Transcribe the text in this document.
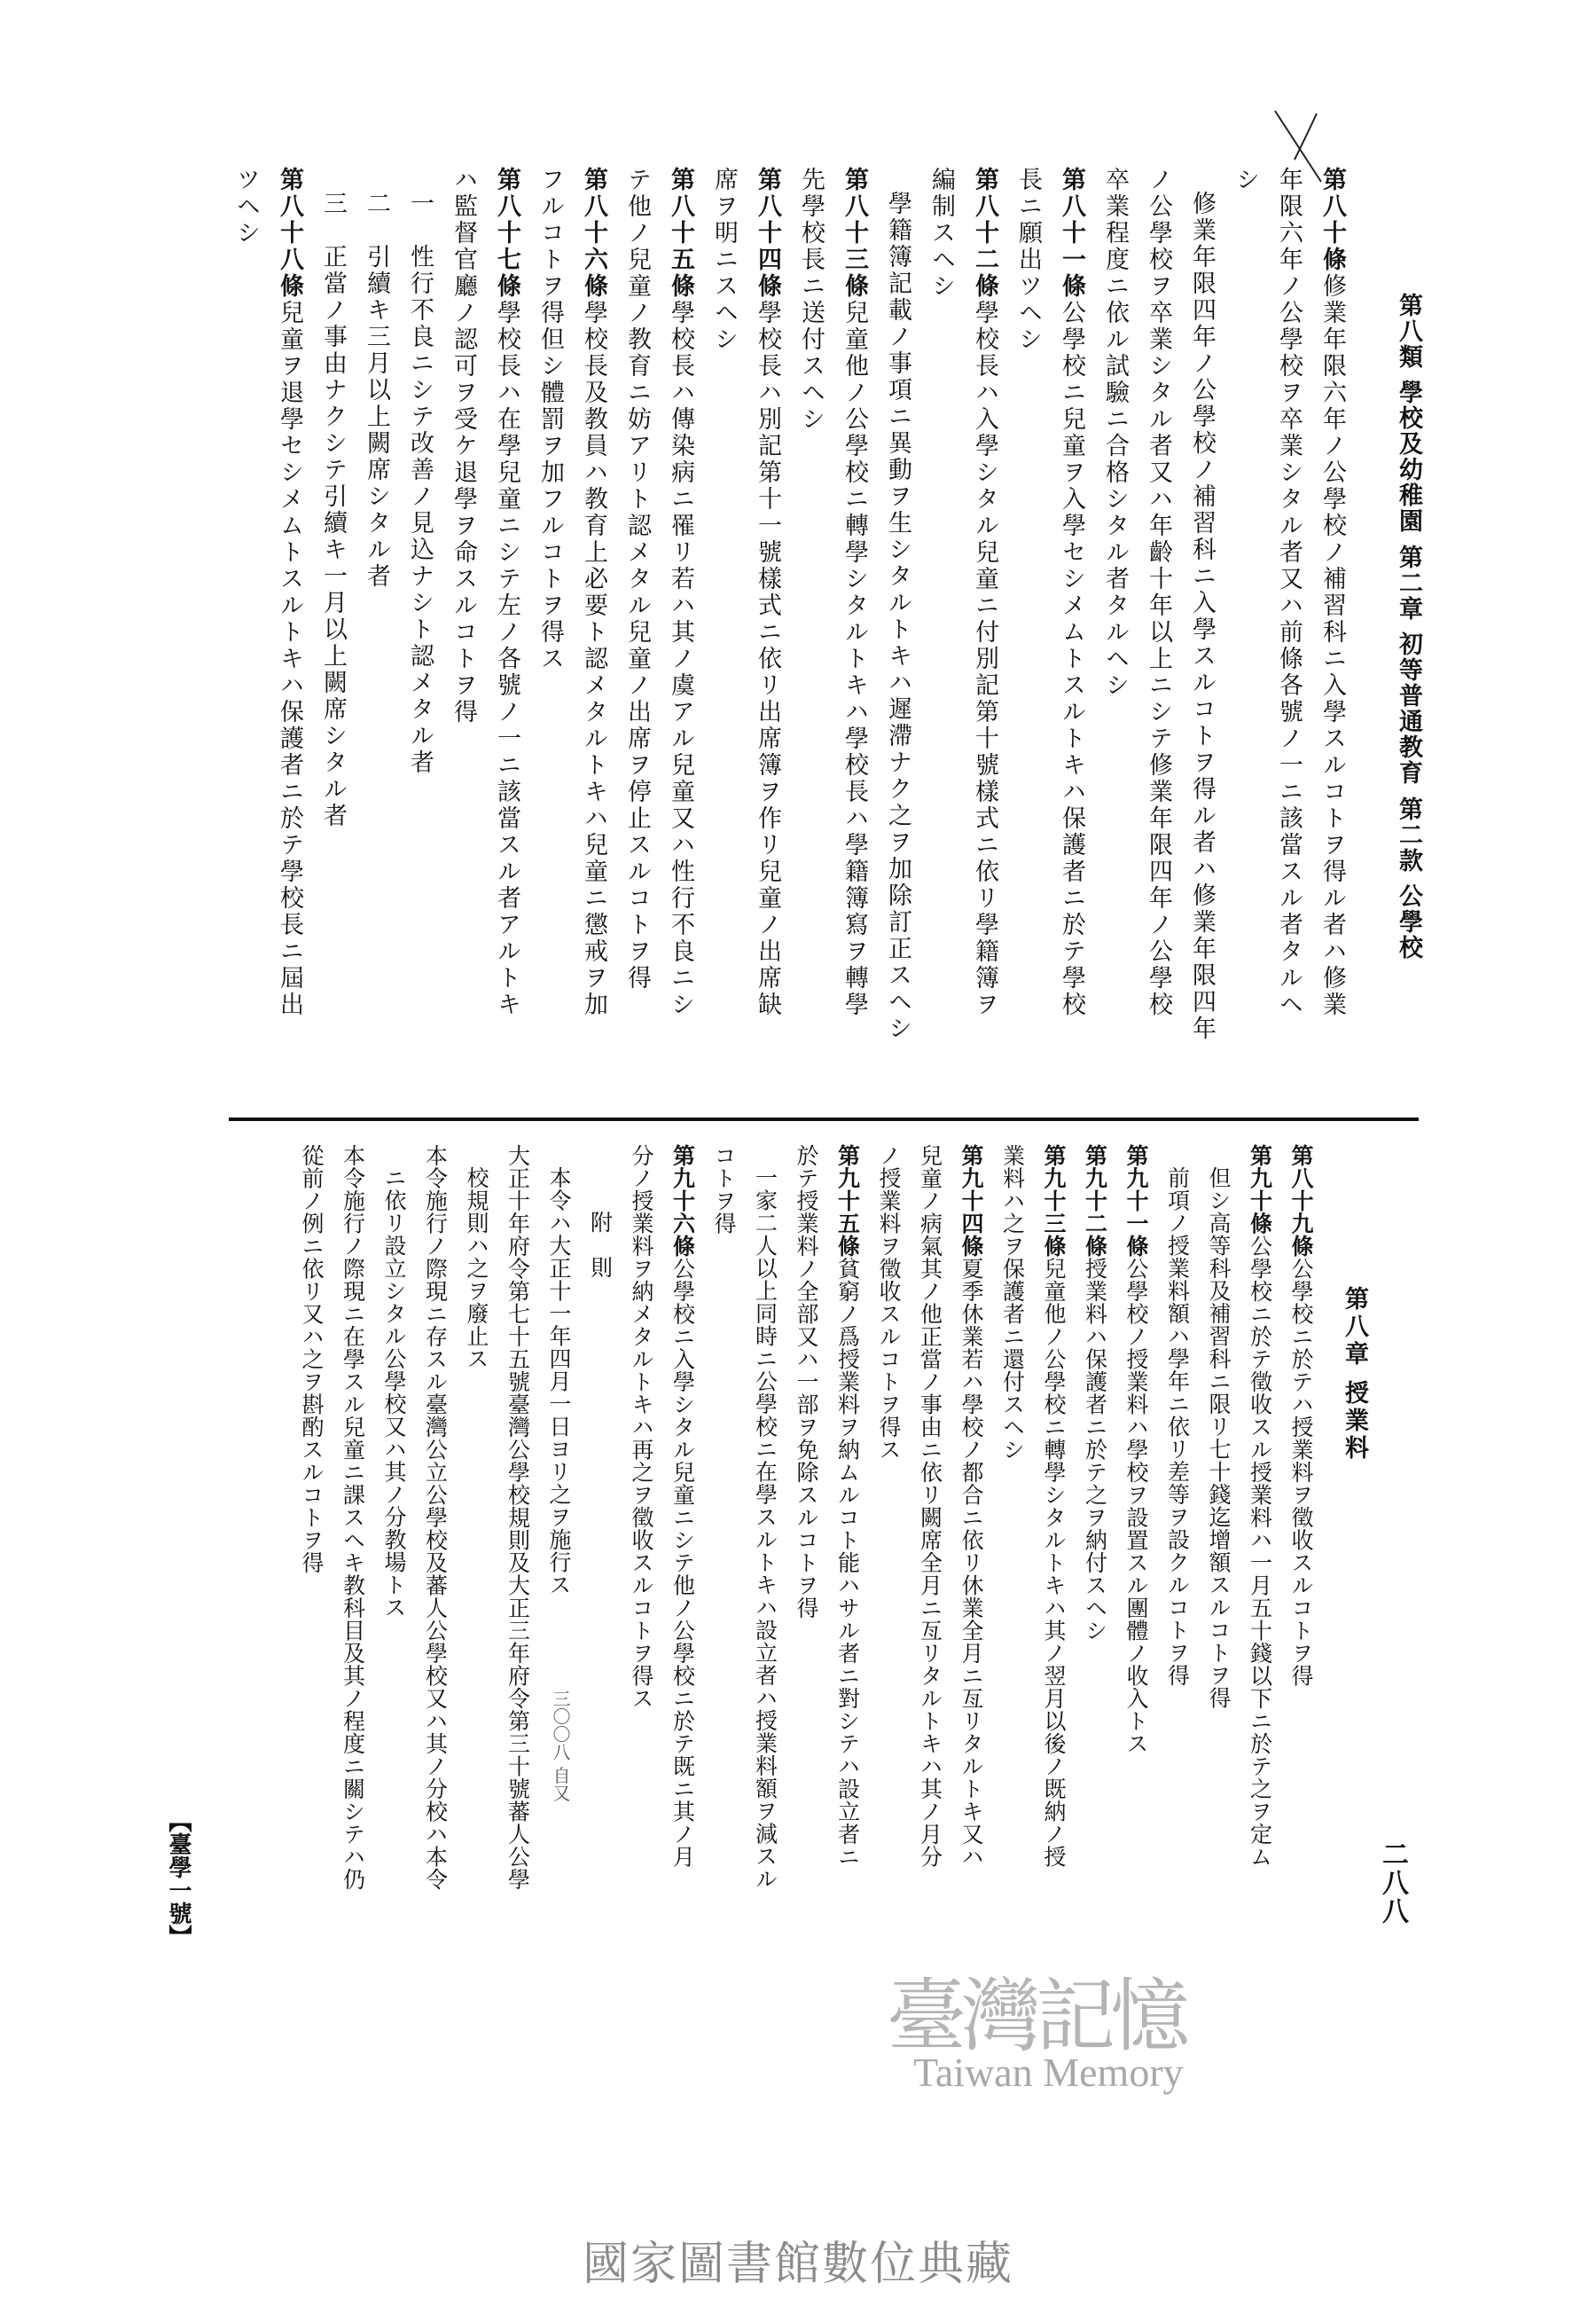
第八類 學校及幼稚園 第二章 初等普通教育 第二款 公學校

第八十條修業年限六年ノ公學校ノ補習科ニ入學スルコトヲ得ル者ハ修業

年限六年ノ公學校ヲ卒業シタル者又ハ前條各號ノ一ニ該當スル者タルヘ

シ

修業年限四年ノ公學校ノ補習科ニ入學スルコトヲ得ル者ハ修業年限四年

ノ公學校ヲ卒業シタル者又ハ年齡十年以上ニシテ修業年限四年ノ公學校

卒業程度ニ依ル試驗ニ合格シタル者タルヘシ

第八十一條公學校ニ兒童ヲ入學セシメムトスルトキハ保護者ニ於テ學校

長ニ願出ツヘシ

第八十二條學校長ハ入學シタル兒童ニ付別記第十號樣式ニ依リ學籍簿ヲ

編制スヘシ

學籍簿記載ノ事項ニ異動ヲ生シタルトキハ遲滯ナク之ヲ加除訂正スヘシ

第八十三條兒童他ノ公學校ニ轉學シタルトキハ學校長ハ學籍簿寫ヲ轉學

先學校長ニ送付スヘシ

第八十四條學校長ハ別記第十一號樣式ニ依リ出席簿ヲ作リ兒童ノ出席缺

席ヲ明ニスヘシ

第八十五條學校長ハ傳染病ニ罹リ若ハ其ノ虞アル兒童又ハ性行不良ニシ

テ他ノ兒童ノ教育ニ妨アリト認メタル兒童ノ出席ヲ停止スルコトヲ得

第八十六條學校長及教員ハ教育上必要ト認メタルトキハ兒童ニ懲戒ヲ加

フルコトヲ得但シ體罰ヲ加フルコトヲ得ス

第八十七條學校長ハ在學兒童ニシテ左ノ各號ノ一ニ該當スル者アルトキ

ハ監督官廳ノ認可ヲ受ケ退學ヲ命スルコトヲ得

一　性行不良ニシテ改善ノ見込ナシト認メタル者

二　引續キ三月以上闕席シタル者

三　正當ノ事由ナクシテ引續キ一月以上闕席シタル者

第八十八條兒童ヲ退學セシメムトスルトキハ保護者ニ於テ學校長ニ屆出

ツヘシ

第八章 授業料

第八十九條公學校ニ於テハ授業料ヲ徵收スルコトヲ得

第九十條公學校ニ於テ徵收スル授業料ハ一月五十錢以下ニ於テ之ヲ定ム

但シ高等科及補習科ニ限リ七十錢迄增額スルコトヲ得

前項ノ授業料額ハ學年ニ依リ差等ヲ設クルコトヲ得

第九十一條公學校ノ授業料ハ學校ヲ設置スル團體ノ收入トス

第九十二條授業料ハ保護者ニ於テ之ヲ納付スヘシ

第九十三條兒童他ノ公學校ニ轉學シタルトキハ其ノ翌月以後ノ既納ノ授

業料ハ之ヲ保護者ニ還付スヘシ

第九十四條夏季休業若ハ學校ノ都合ニ依リ休業全月ニ亙リタルトキ又ハ

兒童ノ病氣其ノ他正當ノ事由ニ依リ闕席全月ニ亙リタルトキハ其ノ月分

ノ授業料ヲ徵收スルコトヲ得ス

第九十五條貧窮ノ爲授業料ヲ納ムルコト能ハサル者ニ對シテハ設立者ニ

於テ授業料ノ全部又ハ一部ヲ免除スルコトヲ得

一家二人以上同時ニ公學校ニ在學スルトキハ設立者ハ授業料額ヲ減スル

コトヲ得

第九十六條公學校ニ入學シタル兒童ニシテ他ノ公學校ニ於テ既ニ其ノ月

分ノ授業料ヲ納メタルトキハ再之ヲ徵收スルコトヲ得ス

附　則

本令ハ大正十一年四月一日ヨリ之ヲ施行ス

大正十年府令第七十五號臺灣公學校規則及大正三年府令第三十號蕃人公學

校規則ハ之ヲ廢止ス

本令施行ノ際現ニ存スル臺灣公立公學校及蕃人公學校又ハ其ノ分校ハ本令

ニ依リ設立シタル公學校又ハ其ノ分教場トス

本令施行ノ際現ニ在學スル兒童ニ課スヘキ教科目及其ノ程度ニ關シテハ仍

從前ノ例ニ依リ又ハ之ヲ斟酌スルコトヲ得

二八八
三〇〇八 自又
【臺學一號】
臺灣記憶
Taiwan Memory
國家圖書館數位典藏
